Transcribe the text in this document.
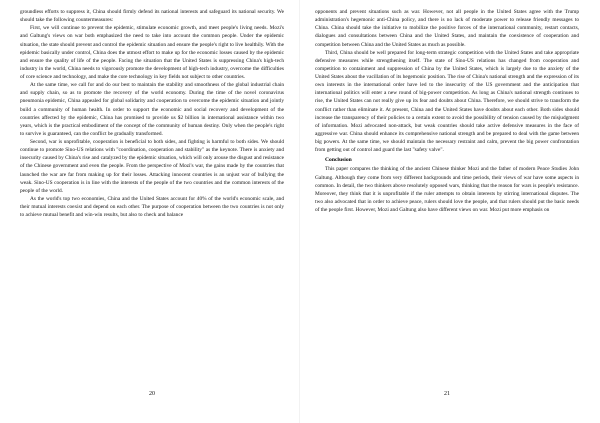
groundless efforts to suppress it, China should firmly defend its national interests and safeguard its national security. We should take the following countermeasures:

First, we will continue to prevent the epidemic, stimulate economic growth, and meet people's living needs. Mozi's and Galtung's views on war both emphasized the need to take into account the common people. Under the epidemic situation, the state should prevent and control the epidemic situation and ensure the people's right to live healthily. With the epidemic basically under control, China does the utmost effort to make up for the economic losses caused by the epidemic and ensure the quality of life of the people. Facing the situation that the United States is suppressing China's high-tech industry in the world, China needs to vigorously promote the development of high-tech industry, overcome the difficulties of core science and technology, and make the core technology in key fields not subject to other countries.

At the same time, we call for and do our best to maintain the stability and smoothness of the global industrial chain and supply chain, so as to promote the recovery of the world economy. During the time of the novel coronavirus pneumonia epidemic, China appealed for global solidarity and cooperation to overcome the epidemic situation and jointly build a community of human health. In order to support the economic and social recovery and development of the countries affected by the epidemic, China has promised to provide us $2 billion in international assistance within two years, which is the practical embodiment of the concept of the community of human destiny. Only when the people's right to survive is guaranteed, can the conflict be gradually transformed.

Second, war is unprofitable, cooperation is beneficial to both sides, and fighting is harmful to both sides. We should continue to promote Sino-US relations with "coordination, cooperation and stability" as the keynote. There is anxiety and insecurity caused by China's rise and catalyzed by the epidemic situation, which will only arouse the disgust and resistance of the Chinese government and even the people. From the perspective of Mozi's war, the gains made by the countries that launched the war are far from making up for their losses. Attacking innocent countries is an unjust war of bullying the weak. Sino-US cooperation is in line with the interests of the people of the two countries and the common interests of the people of the world.

As the world's top two economies, China and the United States account for 40% of the world's economic scale, and their mutual interests coexist and depend on each other. The purpose of cooperation between the two countries is not only to achieve mutual benefit and win-win results, but also to check and balance

20

opponents and prevent situations such as war. However, not all people in the United States agree with the Trump administration's hegemonic anti-China policy, and there is no lack of moderate power to release friendly messages to China. China should take the initiative to mobilize the positive forces of the international community, restart contacts, dialogues and consultations between China and the United States, and maintain the coexistence of cooperation and competition between China and the United States as much as possible.

Third, China should be well prepared for long-term strategic competition with the United States and take appropriate defensive measures while strengthening itself. The state of Sino-US relations has changed from cooperation and competition to containment and suppression of China by the United States, which is largely due to the anxiety of the United States about the vacillation of its hegemonic position. The rise of China's national strength and the expression of its own interests in the international order have led to the insecurity of the US government and the anticipation that international politics will enter a new round of big-power competition. As long as China's national strength continues to rise, the United States can not really give up its fear and doubts about China. Therefore, we should strive to transform the conflict rather than eliminate it. At present, China and the United States have doubts about each other. Both sides should increase the transparency of their policies to a certain extent to avoid the possibility of tension caused by the misjudgment of information. Mozi advocated non-attack, but weak countries should take active defensive measures in the face of aggressive war. China should enhance its comprehensive national strength and be prepared to deal with the game between big powers. At the same time, we should maintain the necessary restraint and calm, prevent the big power confrontation from getting out of control and guard the last "safety valve".

Conclusion

This paper compares the thinking of the ancient Chinese thinker Mozi and the father of modern Peace Studies John Galtung. Although they come from very different backgrounds and time periods, their views of war have some aspects in common. In detail, the two thinkers above resolutely opposed wars, thinking that the reason for wars is people's resistance. Moreover, they think that it is unprofitable if the ruler attempts to obtain interests by stirring international disputes. The two also advocated that in order to achieve peace, rulers should love the people, and that rulers should put the basic needs of the people first. However, Mozi and Galtung also have different views on war. Mozi put more emphasis on

21
